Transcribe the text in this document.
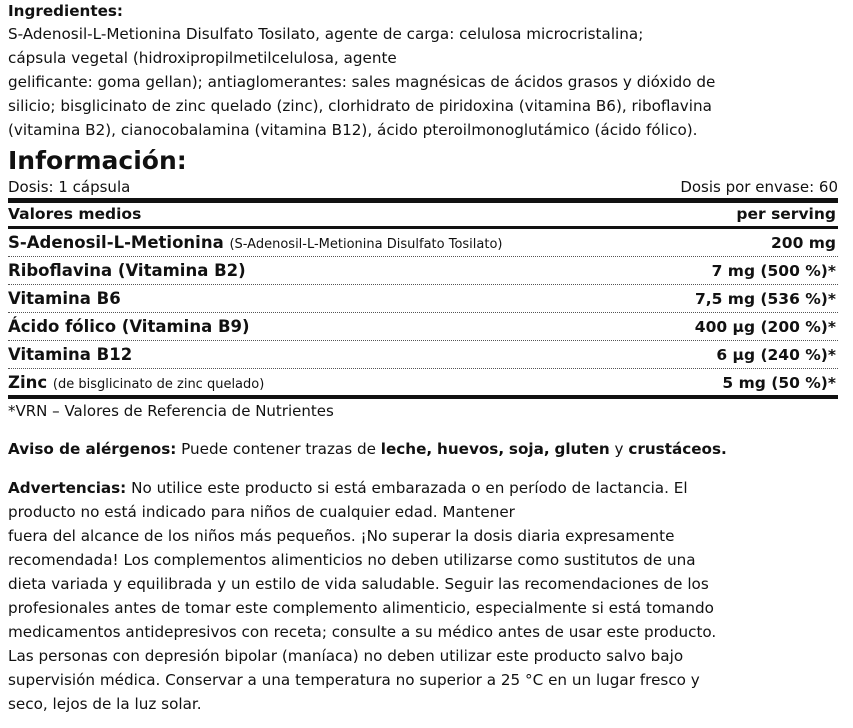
Ingredientes:

S-Adenosil-L-Metionina Disulfato Tosilato, agente de carga: celulosa microcristalina;

cápsula vegetal (hidroxipropilmetilcelulosa, agente

gelificante: goma gellan); antiaglomerantes: sales magnésicas de ácidos grasos y dióxido de

silicio; bisglicinato de zinc quelado (zinc), clorhidrato de piridoxina (vitamina B6), riboflavina

(vitamina B2), cianocobalamina (vitamina B12), ácido pteroilmonoglutámico (ácido fólico).

Información:
Dosis: 1 cápsula	Dosis por envase: 60
Valores medios	per serving
S-Adenosil-L-Metionina (S-Adenosil-L-Metionina Disulfato Tosilato)	200 mg
Riboflavina (Vitamina B2)	7 mg (500 %)*
Vitamina B6	7,5 mg (536 %)*
Ácido fólico (Vitamina B9)	400 µg (200 %)*
Vitamina B12	6 µg (240 %)*
Zinc (de bisglicinato de zinc quelado)	5 mg (50 %)*

*VRN – Valores de Referencia de Nutrientes

Aviso de alérgenos: Puede contener trazas de leche, huevos, soja, gluten y crustáceos.

Advertencias: No utilice este producto si está embarazada o en período de lactancia. El
producto no está indicado para niños de cualquier edad. Mantener
fuera del alcance de los niños más pequeños. ¡No superar la dosis diaria expresamente
recomendada! Los complementos alimenticios no deben utilizarse como sustitutos de una
dieta variada y equilibrada y un estilo de vida saludable. Seguir las recomendaciones de los
profesionales antes de tomar este complemento alimenticio, especialmente si está tomando
medicamentos antidepresivos con receta; consulte a su médico antes de usar este producto.
Las personas con depresión bipolar (maníaca) no deben utilizar este producto salvo bajo
supervisión médica. Conservar a una temperatura no superior a 25 °C en un lugar fresco y
seco, lejos de la luz solar.
